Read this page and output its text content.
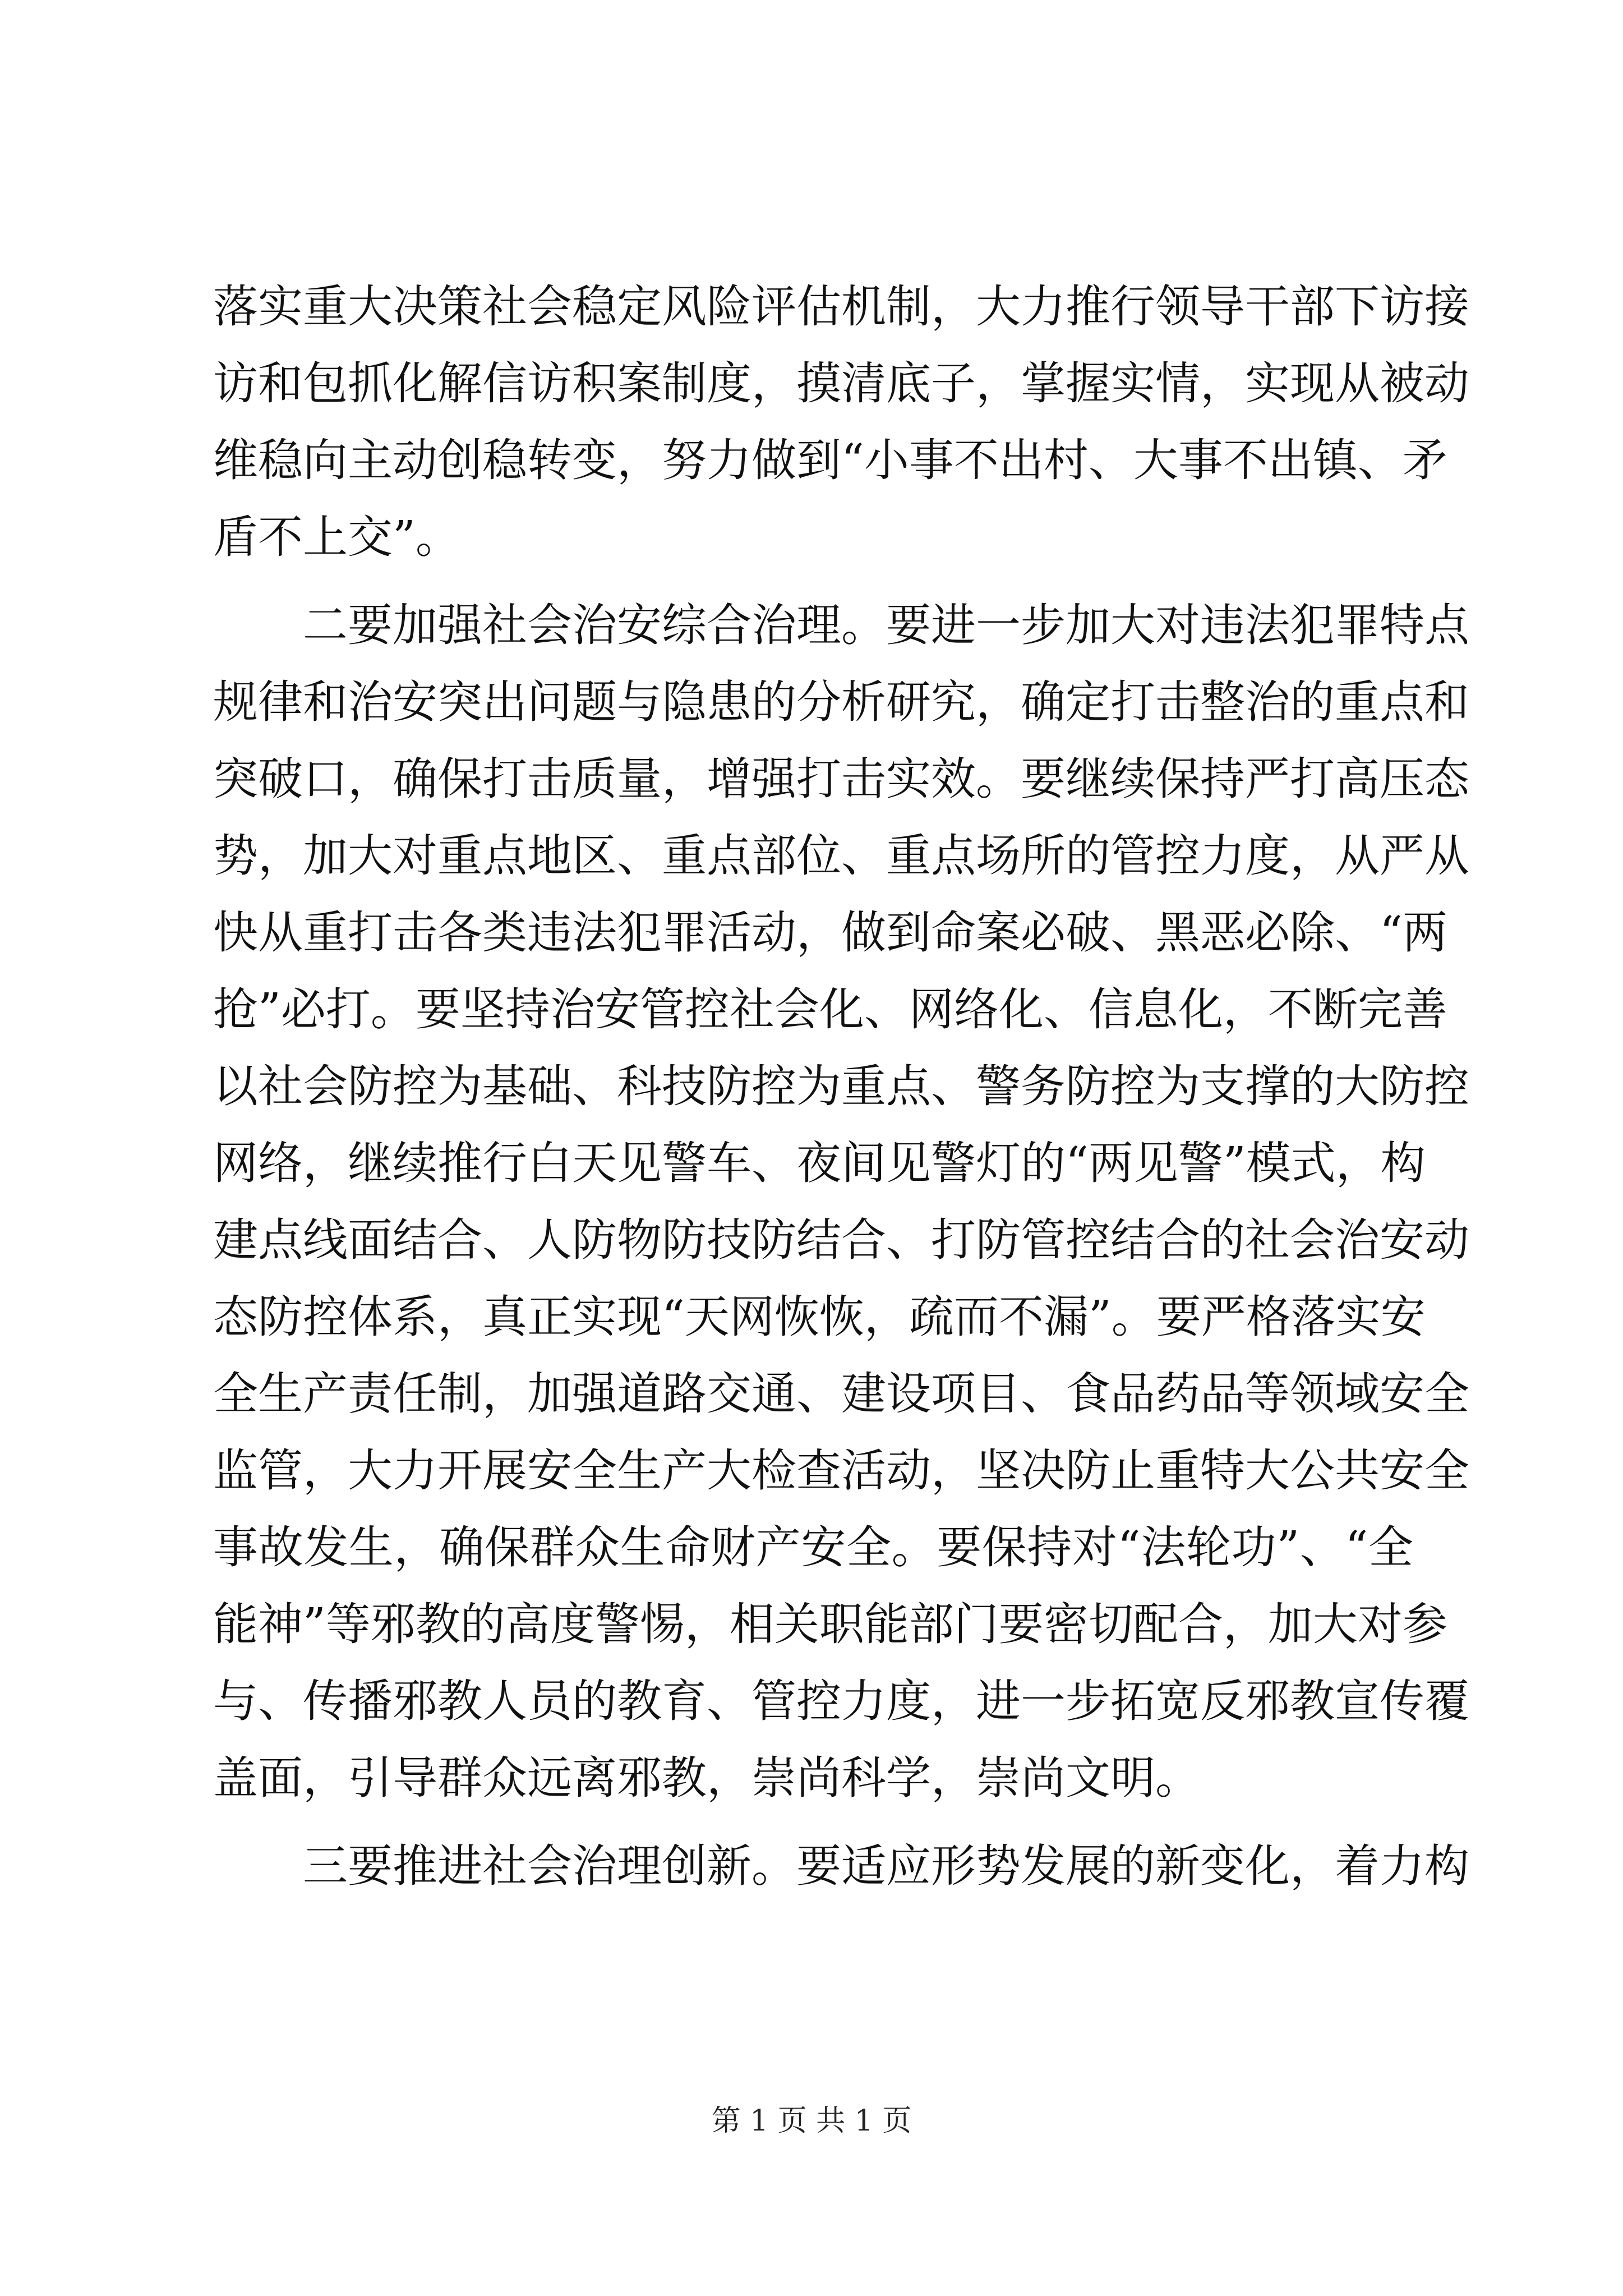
落实重大决策社会稳定风险评估机制，大力推行领导干部下访接
访和包抓化解信访积案制度，摸清底子，掌握实情，实现从被动
维稳向主动创稳转变，努力做到“小事不出村、大事不出镇、矛
盾不上交”。
　　二要加强社会治安综合治理。要进一步加大对违法犯罪特点
规律和治安突出问题与隐患的分析研究，确定打击整治的重点和
突破口，确保打击质量，增强打击实效。要继续保持严打高压态
势，加大对重点地区、重点部位、重点场所的管控力度，从严从
快从重打击各类违法犯罪活动，做到命案必破、黑恶必除、“两
抢”必打。要坚持治安管控社会化、网络化、信息化，不断完善
以社会防控为基础、科技防控为重点、警务防控为支撑的大防控
网络，继续推行白天见警车、夜间见警灯的“两见警”模式，构
建点线面结合、人防物防技防结合、打防管控结合的社会治安动
态防控体系，真正实现“天网恢恢，疏而不漏”。要严格落实安
全生产责任制，加强道路交通、建设项目、食品药品等领域安全
监管，大力开展安全生产大检查活动，坚决防止重特大公共安全
事故发生，确保群众生命财产安全。要保持对“法轮功”、“全
能神”等邪教的高度警惕，相关职能部门要密切配合，加大对参
与、传播邪教人员的教育、管控力度，进一步拓宽反邪教宣传覆
盖面，引导群众远离邪教，崇尚科学，崇尚文明。
　　三要推进社会治理创新。要适应形势发展的新变化，着力构
第 1 页 共 1 页
